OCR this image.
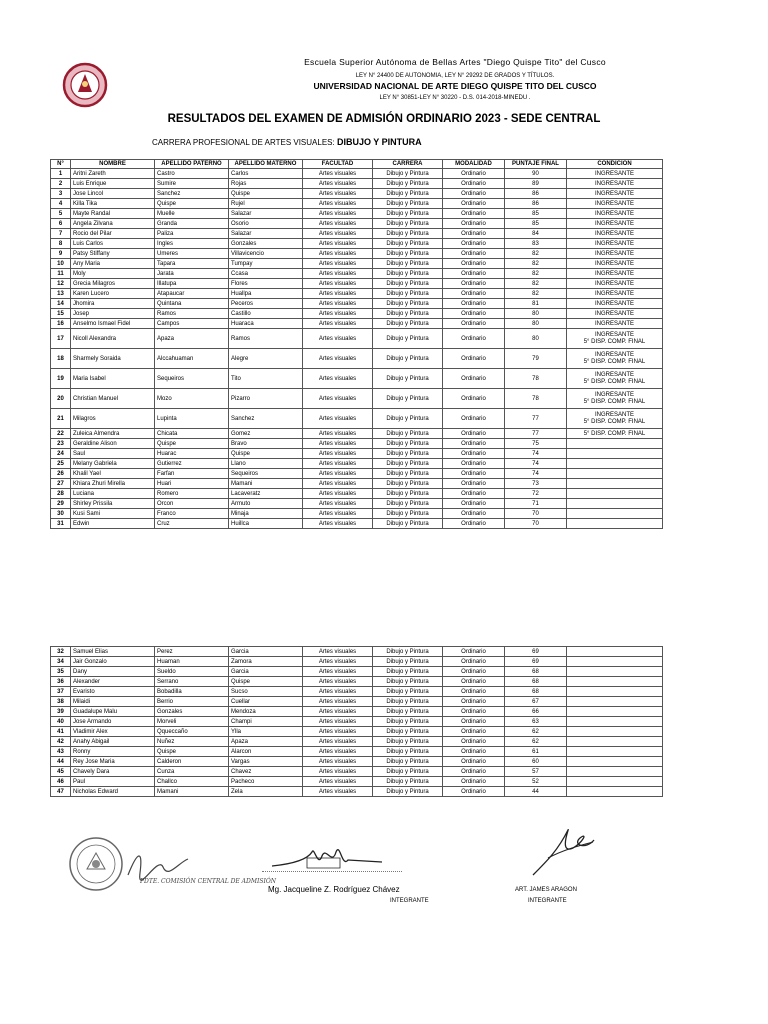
Escuela Superior Autónoma de Bellas Artes "Diego Quispe Tito" del Cusco
LEY N° 24400 DE AUTONOMIA, LEY N° 29292 DE GRADOS Y TÍTULOS.
UNIVERSIDAD NACIONAL DE ARTE DIEGO QUISPE TITO DEL CUSCO
LEY N° 30851-LEY N° 30220 - D.S. 014-2018-MINEDU .
RESULTADOS DEL EXAMEN DE ADMISIÓN ORDINARIO 2023 - SEDE CENTRAL
CARRERA PROFESIONAL DE ARTES VISUALES: DIBUJO Y PINTURA
N°	NOMBRE	APELLIDO PATERNO	APELLIDO MATERNO	FACULTAD	CARRERA	MODALIDAD	PUNTAJE FINAL	CONDICION
1	Aritni Zareth	Castro	Carlos	Artes visuales	Dibujo y Pintura	Ordinario	90	INGRESANTE
2	Luis Enrique	Sumire	Rojas	Artes visuales	Dibujo y Pintura	Ordinario	89	INGRESANTE
3	Jose Lincol	Sanchez	Quispe	Artes visuales	Dibujo y Pintura	Ordinario	86	INGRESANTE
4	Killa Tika	Quispe	Rujel	Artes visuales	Dibujo y Pintura	Ordinario	86	INGRESANTE
5	Mayte Randal	Muelle	Salazar	Artes visuales	Dibujo y Pintura	Ordinario	85	INGRESANTE
6	Angela Zilvana	Granda	Osorio	Artes visuales	Dibujo y Pintura	Ordinario	85	INGRESANTE
7	Rocio del Pilar	Paliza	Salazar	Artes visuales	Dibujo y Pintura	Ordinario	84	INGRESANTE
8	Luis Carlos	Ingles	Gonzales	Artes visuales	Dibujo y Pintura	Ordinario	83	INGRESANTE
9	Patsy Stiffany	Umeres	Villavicencio	Artes visuales	Dibujo y Pintura	Ordinario	82	INGRESANTE
10	Any Maria	Tapara	Tumpay	Artes visuales	Dibujo y Pintura	Ordinario	82	INGRESANTE
11	Moly	Jarata	Ccasa	Artes visuales	Dibujo y Pintura	Ordinario	82	INGRESANTE
12	Grecia Milagros	Illatupa	Flores	Artes visuales	Dibujo y Pintura	Ordinario	82	INGRESANTE
13	Karen Lucero	Atapaucar	Huallpa	Artes visuales	Dibujo y Pintura	Ordinario	82	INGRESANTE
14	Jhomira	Quintana	Peceros	Artes visuales	Dibujo y Pintura	Ordinario	81	INGRESANTE
15	Josep	Ramos	Castillo	Artes visuales	Dibujo y Pintura	Ordinario	80	INGRESANTE
16	Anselmo Ismael Fidel	Campos	Huaraca	Artes visuales	Dibujo y Pintura	Ordinario	80	INGRESANTE
17	Nicoll Alexandra	Apaza	Ramos	Artes visuales	Dibujo y Pintura	Ordinario	80	INGRESANTE
5° DISP. COMP. FINAL

18	Sharmely Soraida	Alccahuaman	Alegre	Artes visuales	Dibujo y Pintura	Ordinario	79	INGRESANTE
5° DISP. COMP. FINAL

19	Maria Isabel	Sequeiros	Tito	Artes visuales	Dibujo y Pintura	Ordinario	78	INGRESANTE
5° DISP. COMP. FINAL

20	Christian Manuel	Mozo	Pizarro	Artes visuales	Dibujo y Pintura	Ordinario	78	INGRESANTE
5° DISP. COMP. FINAL

21	Milagros	Lupinta	Sanchez	Artes visuales	Dibujo y Pintura	Ordinario	77	INGRESANTE
5° DISP. COMP. FINAL

22	Zuleica Almendra	Chicata	Gomez	Artes visuales	Dibujo y Pintura	Ordinario	77	5° DISP. COMP. FINAL
23	Geraldine Alison	Quispe	Bravo	Artes visuales	Dibujo y Pintura	Ordinario	75	
24	Saul	Huarac	Quispe	Artes visuales	Dibujo y Pintura	Ordinario	74	
25	Melany Gabriela	Gutierrez	Llano	Artes visuales	Dibujo y Pintura	Ordinario	74	
26	Khalil Yael	Farfan	Sequeiros	Artes visuales	Dibujo y Pintura	Ordinario	74	
27	Khiara Zhuri Mirella	Huari	Mamani	Artes visuales	Dibujo y Pintura	Ordinario	73	
28	Luciana	Romero	Lacaveratz	Artes visuales	Dibujo y Pintura	Ordinario	72	
29	Shirley Prissila	Orcon	Armuto	Artes visuales	Dibujo y Pintura	Ordinario	71	
30	Kusi Sami	Franco	Minaja	Artes visuales	Dibujo y Pintura	Ordinario	70	
31	Edwin	Cruz	Huillca	Artes visuales	Dibujo y Pintura	Ordinario	70	
32	Samuel Elias	Perez	Garcia	Artes visuales	Dibujo y Pintura	Ordinario	69	
34	Jair Gonzalo	Huaman	Zamora	Artes visuales	Dibujo y Pintura	Ordinario	69	
35	Dany	Sueldo	Garcia	Artes visuales	Dibujo y Pintura	Ordinario	68	
36	Alexander	Serrano	Quispe	Artes visuales	Dibujo y Pintura	Ordinario	68	
37	Evaristo	Bobadilla	Sucso	Artes visuales	Dibujo y Pintura	Ordinario	68	
38	Milaidi	Berrio	Cuellar	Artes visuales	Dibujo y Pintura	Ordinario	67	
39	Guadalupe Malu	Gonzales	Mendoza	Artes visuales	Dibujo y Pintura	Ordinario	66	
40	Jose Armando	Morveli	Champi	Artes visuales	Dibujo y Pintura	Ordinario	63	
41	Vladimir Alex	Qqueccaño	Ylla	Artes visuales	Dibujo y Pintura	Ordinario	62	
42	Anahy Abigail	Nuñez	Apaza	Artes visuales	Dibujo y Pintura	Ordinario	62	
43	Ronny	Quispe	Alarcon	Artes visuales	Dibujo y Pintura	Ordinario	61	
44	Rey Jose Maria	Calderon	Vargas	Artes visuales	Dibujo y Pintura	Ordinario	60	
45	Chavely Dara	Cunza	Chavez	Artes visuales	Dibujo y Pintura	Ordinario	57	
46	Paul	Challco	Pacheco	Artes visuales	Dibujo y Pintura	Ordinario	52	
47	Nicholas Edward	Mamani	Zela	Artes visuales	Dibujo y Pintura	Ordinario	44	
PDTE. COMISIÓN CENTRAL DE ADMISIÓN
Mg. Jacqueline Z. Rodríguez Chávez
INTEGRANTE
ART. JAMES ARAGON
INTEGRANTE
